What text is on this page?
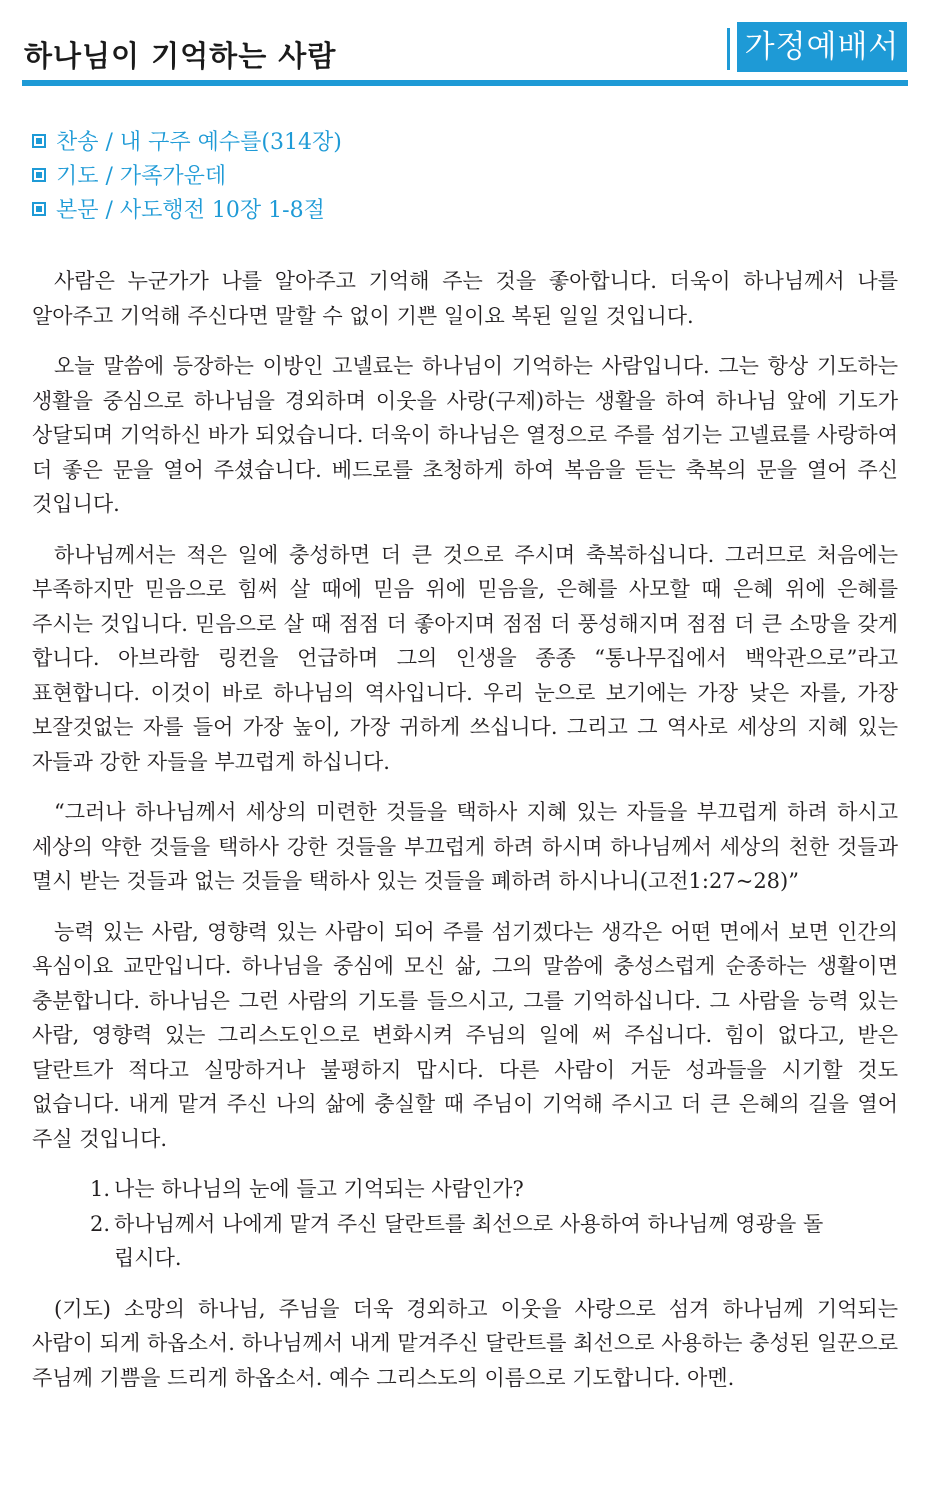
하나님이 기억하는 사람	가정예배서
찬송 / 내 구주 예수를(314장)
기도 / 가족가운데
본문 / 사도행전 10장 1-8절

사람은 누군가가 나를 알아주고 기억해 주는 것을 좋아합니다. 더욱이 하나님께서 나를 알아주고 기억해 주신다면 말할 수 없이 기쁜 일이요 복된 일일 것입니다.

오늘 말씀에 등장하는 이방인 고넬료는 하나님이 기억하는 사람입니다. 그는 항상 기도하는 생활을 중심으로 하나님을 경외하며 이웃을 사랑(구제)하는 생활을 하여 하나님 앞에 기도가 상달되며 기억하신 바가 되었습니다. 더욱이 하나님은 열정으로 주를 섬기는 고넬료를 사랑하여 더 좋은 문을 열어 주셨습니다. 베드로를 초청하게 하여 복음을 듣는 축복의 문을 열어 주신 것입니다.

하나님께서는 적은 일에 충성하면 더 큰 것으로 주시며 축복하십니다. 그러므로 처음에는 부족하지만 믿음으로 힘써 살 때에 믿음 위에 믿음을, 은혜를 사모할 때 은혜 위에 은혜를 주시는 것입니다. 믿음으로 살 때 점점 더 좋아지며 점점 더 풍성해지며 점점 더 큰 소망을 갖게 합니다. 아브라함 링컨을 언급하며 그의 인생을 종종 “통나무집에서 백악관으로”라고 표현합니다. 이것이 바로 하나님의 역사입니다. 우리 눈으로 보기에는 가장 낮은 자를, 가장 보잘것없는 자를 들어 가장 높이, 가장 귀하게 쓰십니다. 그리고 그 역사로 세상의 지혜 있는 자들과 강한 자들을 부끄럽게 하십니다.

“그러나 하나님께서 세상의 미련한 것들을 택하사 지혜 있는 자들을 부끄럽게 하려 하시고 세상의 약한 것들을 택하사 강한 것들을 부끄럽게 하려 하시며 하나님께서 세상의 천한 것들과 멸시 받는 것들과 없는 것들을 택하사 있는 것들을 폐하려 하시나니(고전1:27~28)”

능력 있는 사람, 영향력 있는 사람이 되어 주를 섬기겠다는 생각은 어떤 면에서 보면 인간의 욕심이요 교만입니다. 하나님을 중심에 모신 삶, 그의 말씀에 충성스럽게 순종하는 생활이면 충분합니다. 하나님은 그런 사람의 기도를 들으시고, 그를 기억하십니다. 그 사람을 능력 있는 사람, 영향력 있는 그리스도인으로 변화시켜 주님의 일에 써 주십니다. 힘이 없다고, 받은 달란트가 적다고 실망하거나 불평하지 맙시다. 다른 사람이 거둔 성과들을 시기할 것도 없습니다. 내게 맡겨 주신 나의 삶에 충실할 때 주님이 기억해 주시고 더 큰 은혜의 길을 열어 주실 것입니다.

1. 나는 하나님의 눈에 들고 기억되는 사람인가?
2. 하나님께서 나에게 맡겨 주신 달란트를 최선으로 사용하여 하나님께 영광을 돌립시다.

(기도) 소망의 하나님, 주님을 더욱 경외하고 이웃을 사랑으로 섬겨 하나님께 기억되는 사람이 되게 하옵소서. 하나님께서 내게 맡겨주신 달란트를 최선으로 사용하는 충성된 일꾼으로 주님께 기쁨을 드리게 하옵소서. 예수 그리스도의 이름으로 기도합니다. 아멘.
